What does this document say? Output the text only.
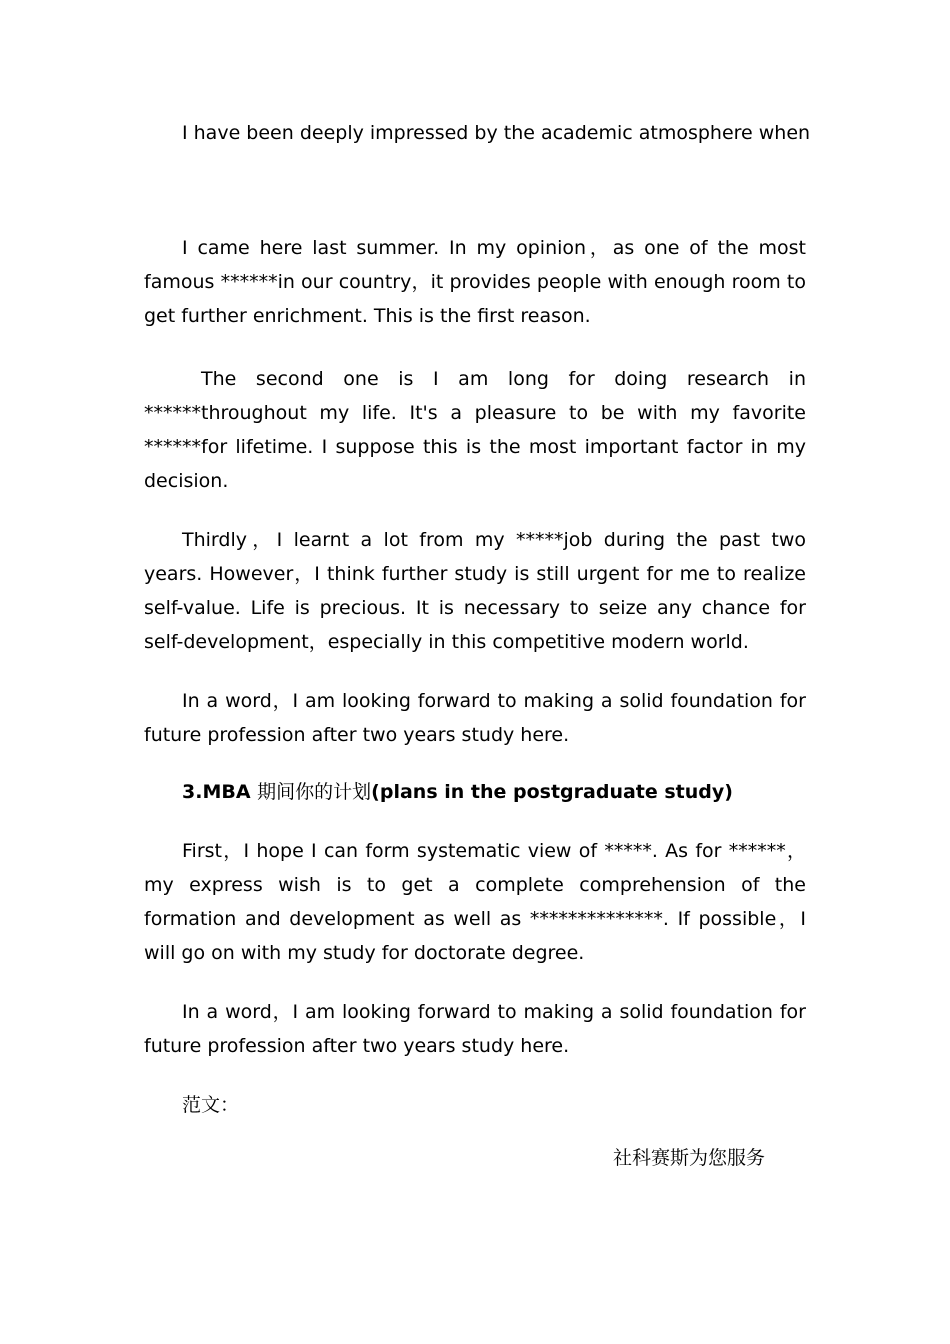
I have been deeply impressed by the academic atmosphere when

I came here last summer. In my opinion，as one of the most famous ******in our country，it provides people with enough room to get further enrichment. This is the first reason.

The second one is I am long for doing research in ******throughout my life. It's a pleasure to be with my favorite ******for lifetime. I suppose this is the most important factor in my decision.

Thirdly，I learnt a lot from my *****job during the past two years. However，I think further study is still urgent for me to realize self-value. Life is precious. It is necessary to seize any chance for self-development，especially in this competitive modern world.

In a word，I am looking forward to making a solid foundation for future profession after two years study here.

3.MBA 期间你的计划(plans in the postgraduate study)

First，I hope I can form systematic view of *****. As for ******，my express wish is to get a complete comprehension of the formation and development as well as **************. If possible，I will go on with my study for doctorate degree.

In a word，I am looking forward to making a solid foundation for future profession after two years study here.

范文：

社科赛斯为您服务
